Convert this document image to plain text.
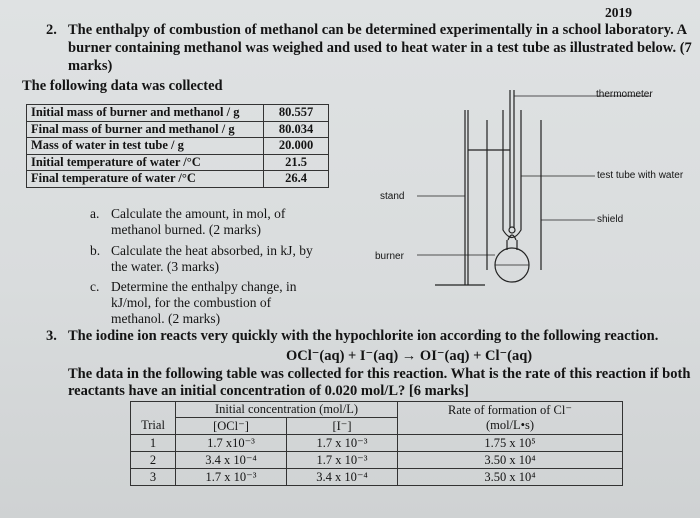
2019
2. The enthalpy of combustion of methanol can be determined experimentally in a school laboratory. A
burner containing methanol was weighed and used to heat water in a test tube as illustrated below. (7
marks)
The following data was collected
Initial mass of burner and methanol / g	80.557
Final mass of burner and methanol / g	80.034
Mass of water in test tube / g	20.000
Initial temperature of water /°C	21.5
Final temperature of water /°C	26.4
a. Calculate the amount, in mol, of
methanol burned. (2 marks)
b. Calculate the heat absorbed, in kJ, by
the water. (3 marks)
c. Determine the enthalpy change, in
kJ/mol, for the combustion of
methanol. (2 marks)
thermometer
test tube with water
shield
stand
burner
3. The iodine ion reacts very quickly with the hypochlorite ion according to the following reaction.
OCl⁻(aq) + I⁻(aq) → OI⁻(aq) + Cl⁻(aq)
The data in the following table was collected for this reaction. What is the rate of this reaction if both
reactants have an initial concentration of 0.020 mol/L? [6 marks]
	Initial concentration (mol/L)		Rate of formation of Cl⁻
(mol/L•s)

Trial	[OCl⁻]	[I⁻]	
1	1.7 x10⁻³	1.7 x 10⁻³	1.75 x 10⁵
2	3.4 x 10⁻⁴	1.7 x 10⁻³	3.50 x 10⁴
3	1.7 x 10⁻³	3.4 x 10⁻⁴	3.50 x 10⁴
